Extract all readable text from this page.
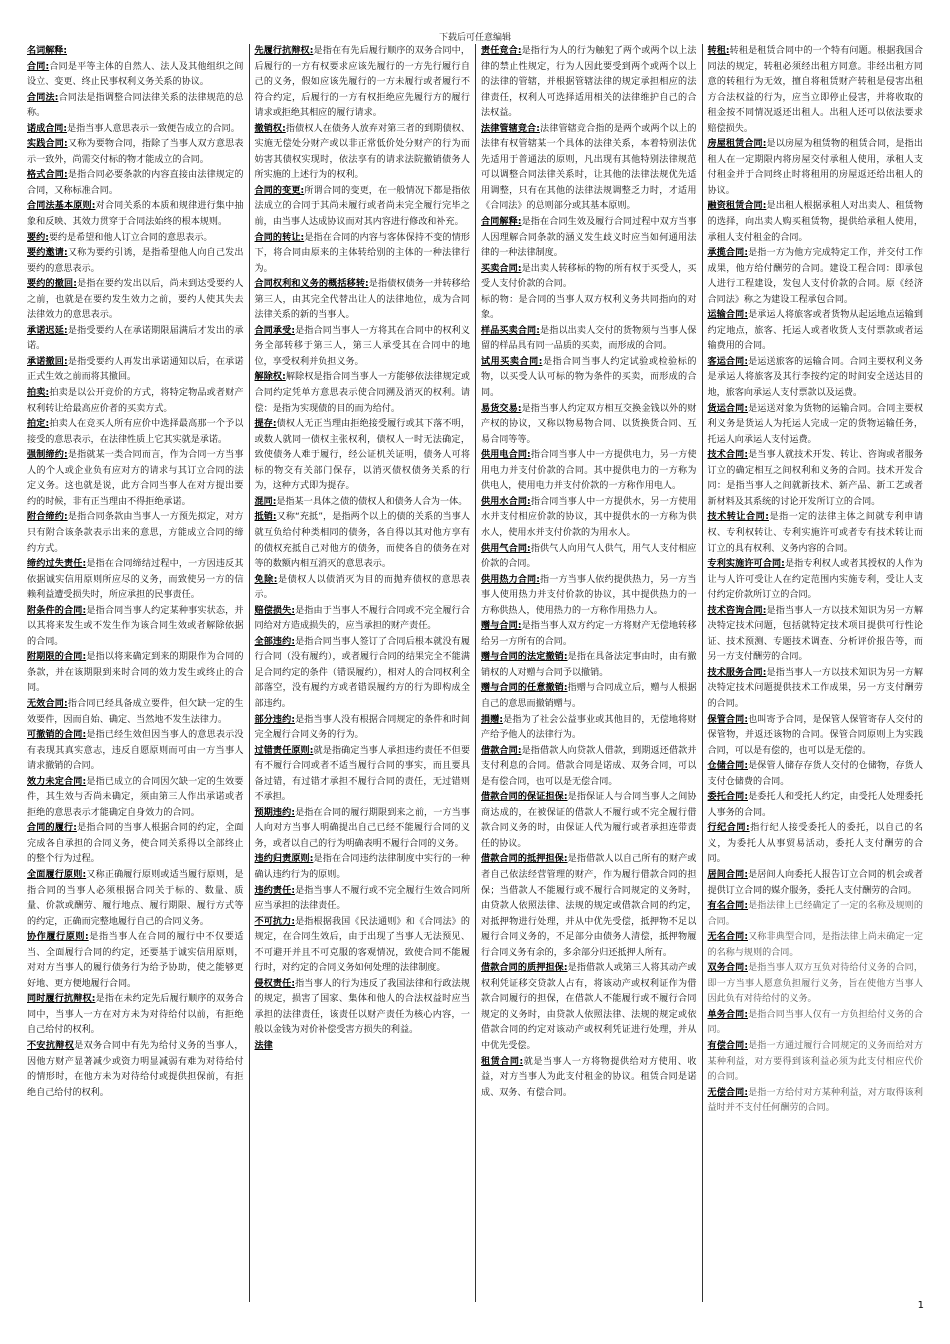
下载后可任意编辑

名词解释:

合同:合同是平等主体的自然人、法人及其他组织之间设立、变更、终止民事权利义务关系的协议。

合同法:合同法是指调整合同法律关系的法律规范的总称。

诺成合同:是指当事人意思表示一致便告成立的合同。

实践合同:又称为要物合同，指除了当事人双方意思表示一致外，尚需交付标的物才能成立的合同。

格式合同:是指合同必要条款的内容直接由法律规定的合同，又称标准合同。

合同法基本原则:对合同关系的本质和规律进行集中抽象和反映、其效力贯穿于合同法始终的根本规则。

要约:要约是希望和他人订立合同的意思表示。

要约邀请:又称为要约引诱，是指希望他人向自己发出要约的意思表示。

要约的撤回:是指在要约发出以后，尚未到达受要约人之前，也就是在要约发生效力之前，要约人使其失去法律效力的意思表示。

承诺迟延:是指受要约人在承诺期限届满后才发出的承诺。

承诺撤回:是指受要约人再发出承诺通知以后，在承诺正式生效之前而将其撤回。

拍卖:拍卖是以公开竞价的方式，将特定物品或者财产权利转让给最高应价者的买卖方式。

拍定:拍卖人在竞买人所有应价中选择最高那一个予以接受的意思表示，在法律性质上它其实就是承诺。

强制缔约:是指就某一类合同而言，作为合同一方当事人的个人或企业负有应对方的请求与其订立合同的法定义务。这也就是说，此方合同当事人在对方提出要约的时候，非有正当理由不得拒绝承诺。

附合缔约:是指合同条款由当事人一方预先拟定，对方只有附合该条款表示出来的意思，方能成立合同的缔约方式。

缔约过失责任:是指在合同缔结过程中，一方因违反其依据诚实信用原则所应尽的义务，而致使另一方的信赖利益遭受损失时，所应承担的民事责任。

附条件的合同:是指合同当事人约定某种事实状态，并以其将来发生或不发生作为该合同生效或者解除依据的合同。

附期限的合同:是指以将来确定到来的期限作为合同的条款，并在该期限到来时合同的效力发生或终止的合同。

无效合同:指合同已经具备成立要件，但欠缺一定的生效要件，因而自始、确定、当然地不发生法律力。

可撤销的合同:是指已经生效但因当事人的意思表示没有表现其真实意志，违反自愿原则而可由一方当事人请求撤销的合同。

效力未定合同:是指已成立的合同因欠缺一定的生效要件，其生效与否尚未确定，须由第三人作出承诺或者拒绝的意思表示才能确定自身效力的合同。

合同的履行:是指合同的当事人根据合同的约定，全面完成各自承担的合同义务，使合同关系得以全部终止的整个行为过程。

全面履行原则:又称正确履行原则或适当履行原则，是指合同的当事人必须根据合同关于标的、数量、质量、价款或酬劳、履行地点、履行期限、履行方式等的约定，正确而完整地履行自己的合同义务。

协作履行原则:是指当事人在合同的履行中不仅要适当、全面履行合同的约定，还要基于诚实信用原则，对对方当事人的履行债务行为给予协助，使之能够更好地、更方便地履行合同。

同时履行抗辩权:是指在未约定先后履行顺序的双务合同中，当事人一方在对方未为对待给付以前，有拒绝自己给付的权利。

不安抗辩权是双务合同中有先为给付义务的当事人，因他方财产显著减少或资力明显减弱有难为对待给付的情形时，在他方未为对待给付或提供担保前，有拒绝自己给付的权利。

先履行抗辩权:是指在有先后履行顺序的双务合同中，后履行的一方有权要求应该先履行的一方先行履行自己的义务，假如应该先履行的一方未履行或者履行不符合约定，后履行的一方有权拒绝应先履行方的履行请求或拒绝其相应的履行请求。

撤销权:指债权人在债务人放弃对第三者的到期债权、实施无偿处分财产或以非正常低价处分财产的行为而妨害其债权实现时，依法享有的请求法院撤销债务人所实施的上述行为的权利。

合同的变更:所谓合同的变更，在一般情况下都是指依法成立的合同于其尚未履行或者尚未完全履行完毕之前，由当事人达成协议而对其内容进行修改和补充。

合同的转让:是指在合同的内容与客体保持不变的情形下，将合同由原来的主体转给别的主体的一种法律行为。

合同权利和义务的概括移转:是指债权债务一并转移给第三人，由其完全代替出让人的法律地位，成为合同法律关系的新的当事人。

合同承受:是指合同当事人一方将其在合同中的权利义务全部转移于第三人，第三人承受其在合同中的地位，享受权利并负担义务。

解除权:解除权是指合同当事人一方能够依法律规定或合同约定凭单方意思表示使合同溯及消灭的权利。请偿：是指为实现债的目的而为给付。

提存:债权人无正当理由拒绝接受履行或其下落不明，或数人就同一债权主张权利，债权人一时无法确定，致使债务人难于履行，经公证机关证明，债务人可将标的物交有关部门保存，以消灭债权债务关系的行为，这种方式即为提存。

混同:是指某一具体之债的债权人和债务人合为一体。

抵销:又称“充抵”，是指两个以上的债的关系的当事人就互负给付种类相同的债务，各自得以其对他方享有的债权充抵自己对他方的债务，而使各自的债务在对等的数额内相互消灭的意思表示。

免除:是债权人以债消灭为目的而抛弃债权的意思表示。

赔偿损失:是指由于当事人不履行合同或不完全履行合同给对方造成损失的，应当承担的财产责任。

全部违约:是指合同当事人签订了合同后根本就没有履行合同（没有履约），或者履行合同的结果完全不能满足合同约定的条件（错误履约），相对人的合同权利全部落空，没有履约方或者错误履约方的行为即构成全部违约。

部分违约:是指当事人没有根据合同规定的条件和时间完全履行合同义务的行为。

过错责任原则:就是指确定当事人承担违约责任不但要有不履行合同或者不适当履行合同的事实，而且要具备过错，有过错才承担不履行合同的责任，无过错则不承担。

预期违约:是指在合同的履行期限到来之前，一方当事人向对方当事人明确提出自己已经不能履行合同的义务，或者以自己的行为明确表明不履行合同的义务。

违约归责原则:是指在合同违约法律制度中实行的一种确认违约行为的原则。

违约责任:是指当事人不履行或不完全履行生效合同所应当承担的法律责任。

不可抗力:是指根据我国《民法通则》和《合同法》的规定，在合同生效后，由于出现了当事人无法预见、不可避开并且不可克服的客观情况，致使合同不能履行时，对约定的合同义务如何处理的法律制度。

侵权责任:指当事人的行为违反了我国法律和行政法规的规定，损害了国家、集体和他人的合法权益时应当承担的法律责任，该责任以财产责任为核心内容，一般以金钱为对价补偿受害方损失的利益。

法律

责任竞合:是指行为人的行为触犯了两个或两个以上法律的禁止性规定，行为人因此要受到两个或两个以上的法律的管辖，并根据管辖法律的规定承担相应的法律责任，权利人可选择适用相关的法律维护自己的合法权益。

法律管辖竞合:法律管辖竞合指的是两个或两个以上的法律有权管辖某一个具体的法律关系，本着特别法优先适用于普通法的原则，凡出现有其他特别法律规范可以调整合同法律关系时，让其他的法律法规优先适用调整，只有在其他的法律法规调整乏力时，才适用《合同法》的总则部分或其基本原则。

合同解释:是指在合同生效及履行合同过程中双方当事人因理解合同条款的涵义发生歧义时应当如何通用法律的一种法律制度。

买卖合同:是出卖人转移标的物的所有权于买受人，买受人支付价款的合同。

标的物：是合同的当事人双方权利义务共同指向的对象。

样品买卖合同:是指以出卖人交付的货物须与当事人保留的样品具有同一品质的买卖，而形成的合同。

试用买卖合同:是指合同当事人约定试验或检验标的物，以买受人认可标的物为条件的买卖，而形成的合同。

易货交易:是指当事人约定双方相互交换金钱以外的财产权的协议，又称以物易物合同、以货换货合同、互易合同等等。

供用电合同:指合同当事人中一方提供电力，另一方使用电力并支付价款的合同。其中提供电力的一方称为供电人，使用电力并支付价款的一方称作用电人。

供用水合同:指合同当事人中一方提供水，另一方使用水并支付相应价款的协议，其中提供水的一方称为供水人，使用水并支付价款的为用水人。

供用气合同:指供气人向用气人供气，用气人支付相应价款的合同。

供用热力合同:指一方当事人依约提供热力，另一方当事人使用热力并支付价款的协议，其中提供热力的一方称供热人，使用热力的一方称作用热力人。

赠与合同:是指当事人双方约定一方将财产无偿地转移给另一方所有的合同。

赠与合同的法定撤销:是指在具备法定事由时，由有撤销权的人对赠与合同予以撤销。

赠与合同的任意撤销:指赠与合同成立后，赠与人根据自己的意思而撤销赠与。

捐赠:是指为了社会公益事业或其他目的，无偿地将财产给予他人的法律行为。

借款合同:是指借款人向贷款人借款，到期返还借款并支付利息的合同。借款合同是诺成、双务合同，可以是有偿合同，也可以是无偿合同。

借款合同的保证担保:是指保证人与合同当事人之间协商达成的，在被保证的借款人不履行或不完全履行借款合同义务的时，由保证人代为履行或者承担连带责任的协议。

借款合同的抵押担保:是指借款人以自己所有的财产或者自己依法经营管理的财产，作为履行借款合同的担保；当借款人不能履行或不履行合同规定的义务时，由贷款人依照法律、法规的规定或借款合同的约定，对抵押物进行处理，并从中优先受偿，抵押物不足以履行合同义务的，不足部分由债务人清偿，抵押物履行合同义务有余的，多余部分归还抵押人所有。

借款合同的质押担保:是指借款人或第三人将其动产或权利凭证移交贷款人占有，将该动产或权利证作为借款合同履行的担保，在借款人不能履行或不履行合同规定的义务时，由贷款人依照法律、法规的规定或依借款合同的约定对该动产或权利凭证进行处理，并从中优先受偿。

租赁合同:就是当事人一方将物提供给对方使用、收益，对方当事人为此支付租金的协议。租赁合同是诺成、双务、有偿合同。

转租:转租是租赁合同中的一个特有问题。根据我国合同法的规定，转租必须经出租方同意。非经出租方同意的转租行为无效，擅自将租赁财产转租是侵害出租方合法权益的行为，应当立即停止侵害，并将收取的租金按不同情况返还出租人。出租人还可以依法要求赔偿损失。

房屋租赁合同:是以房屋为租赁物的租赁合同，是指出租人在一定期限内将房屋交付承租人使用，承租人支付租金并于合同终止时将租用的房屋返还给出租人的协议。

融资租赁合同:是出租人根据承租人对出卖人、租赁物的选择，向出卖人购买租赁物，提供给承租人使用，承租人支付租金的合同。

承揽合同:是指一方为他方完成特定工作，并交付工作成果，他方给付酬劳的合同。建设工程合同：即承包人进行工程建设，发包人支付价款的合同。原《经济合同法》称之为建设工程承包合同。

运输合同:是承运人将旅客或者货物从起运地点运输到约定地点，旅客、托运人或者收货人支付票款或者运输费用的合同。

客运合同:是运送旅客的运输合同。合同主要权利义务是承运人将旅客及其行李按约定的时间安全送达目的地，旅客向承运人支付票款以及运费。

货运合同:是运送对象为货物的运输合同。合同主要权利义务是货运人为托运人完成一定的货物运输任务，托运人向承运人支付运费。

技术合同:是当事人就技术开发、转让、咨询或者服务订立的确定相互之间权利和义务的合同。技术开发合同：是指当事人之间就新技术、新产品、新工艺或者新材料及其系统的讨论开发所订立的合同。

技术转让合同:是指一定的法律主体之间就专利申请权、专利权转让、专利实施许可或者专有技术转让而订立的具有权利、义务内容的合同。

专利实施许可合同:是指专利权人或者其授权的人作为让与人许可受让人在约定范围内实施专利，受让人支付约定价款所订立的合同。

技术咨询合同:是指当事人一方以技术知识为另一方解决特定技术问题，包括就特定技术项目提供可行性论证、技术预测、专题技术调查、分析评价报告等，而另一方支付酬劳的合同。

技术服务合同:是指当事人一方以技术知识为另一方解决特定技术问题提供技术工作成果，另一方支付酬劳的合同。

保管合同:也叫寄予合同，是保管人保管寄存人交付的保管物，并返还该物的合同。保管合同原则上为实践合同，可以是有偿的，也可以是无偿的。

仓储合同:是保管人储存存货人交付的仓储物，存货人支付仓储费的合同。

委托合同:是委托人和受托人约定，由受托人处理委托人事务的合同。

行纪合同:指行纪人接受委托人的委托，以自己的名义，为委托人从事贸易活动，委托人支付酬劳的合同。

居间合同:是居间人向委托人报告订立合同的机会或者提供订立合同的媒介服务，委托人支付酬劳的合同。

有名合同:是指法律上已经确定了一定的名称及规则的合同。

无名合同:又称非典型合同，是指法律上尚未确定一定的名称与规则的合同。

双务合同:是指当事人双方互负对待给付义务的合同，即一方当事人愿意负担履行义务，旨在使他方当事人因此负有对待给付的义务。

单务合同:是指合同当事人仅有一方负担给付义务的合同。

有偿合同:是指一方通过履行合同规定的义务而给对方某种利益，对方要得到该利益必须为此支付相应代价的合同。

无偿合同:是指一方给付对方某种利益，对方取得该利益时并不支付任何酬劳的合同。

1
